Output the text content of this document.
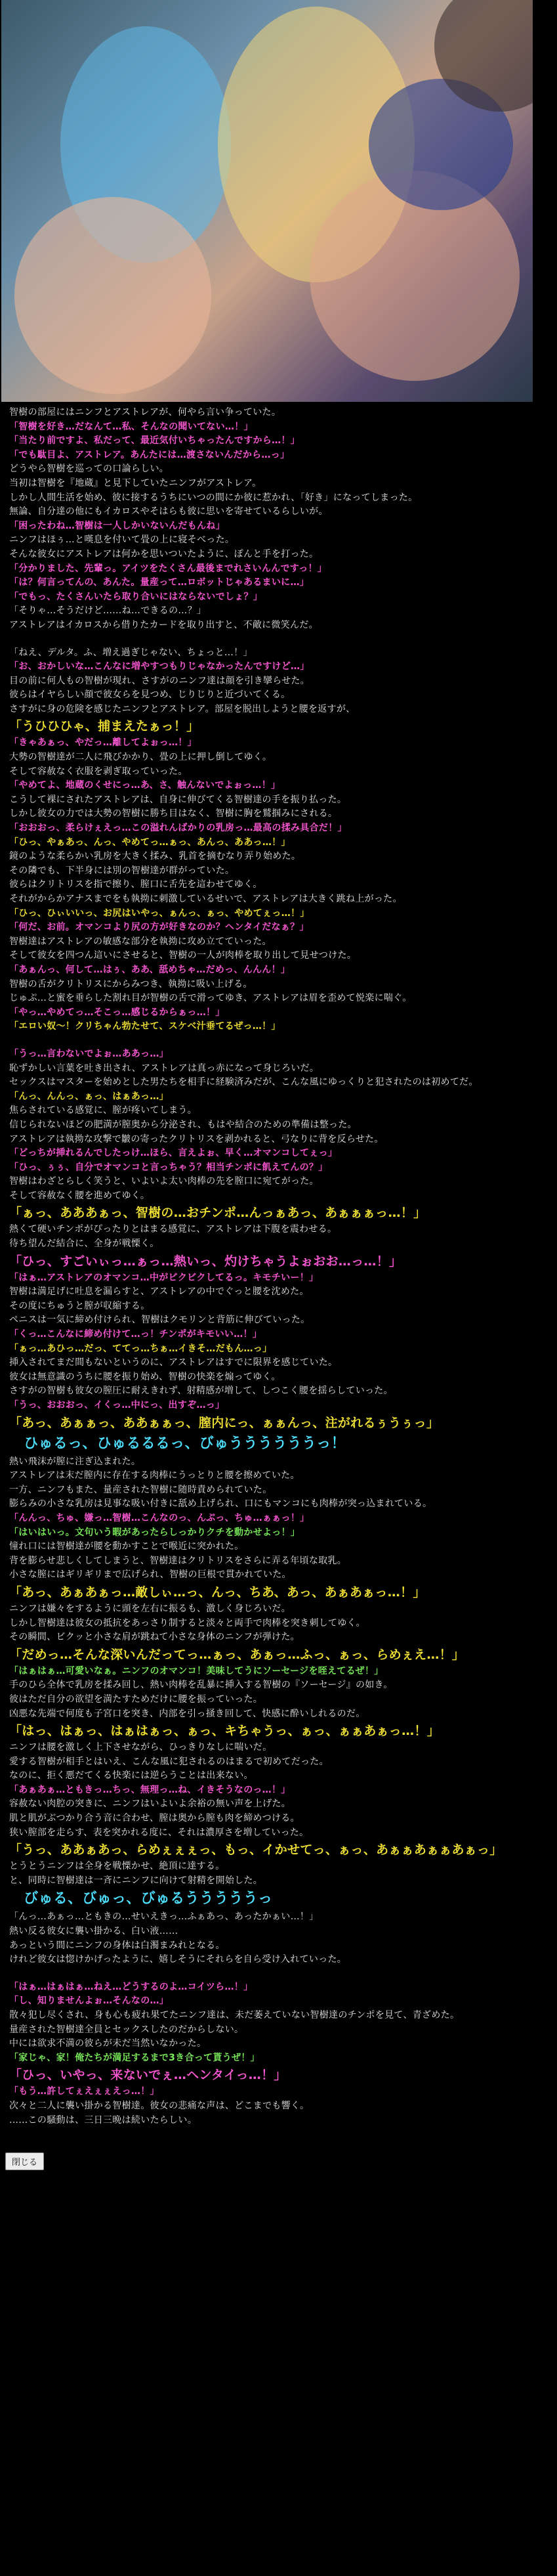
智樹の部屋にはニンフとアストレアが、何やら言い争っていた。
「智樹を好き…だなんて…私、そんなの聞いてない…！」
「当たり前ですよ、私だって、最近気付いちゃったんですから…！」
「でも駄目よ、アストレア。あんたには…渡さないんだから…っ」
どうやら智樹を巡っての口論らしい。
当初は智樹を『地蔵』と見下していたニンフがアストレア。
しかし人間生活を始め、彼に接するうちにいつの間にか彼に惹かれ、「好き」になってしまった。
無論、自分達の他にもイカロスやそはらも彼に思いを寄せているらしいが。
「困ったわね…智樹は一人しかいないんだもんね」
ニンフはほぅ…と嘆息を付いて畳の上に寝そべった。
そんな彼女にアストレアは何かを思いついたように、ぽんと手を打った。
「分かりました、先輩っ。アイツをたくさん最後までれさいんんですっ！」
「は？何言ってんの、あんた。量産って…ロボットじゃあるまいに…」
「でもっ、たくさんいたら取り合いにはならないでしょ？」
「そりゃ…そうだけど……ね…できるの…？」
アストレアはイカロスから借りたカードを取り出すと、不敵に微笑んだ。
「ねえ、デルタ。ふ、増え過ぎじゃない、ちょっと…！」
「お、おかしいな…こんなに増やすつもりじゃなかったんですけど…」
目の前に何人もの智樹が現れ、さすがのニンフ達は顔を引き攣らせた。
彼らはイヤらしい顔で彼女らを見つめ、じりじりと近づいてくる。
さすがに身の危険を感じたニンフとアストレア。部屋を脱出しようと腰を返すが、
「うひひひゃ、捕まえたぁっ！」
「きゃあぁっ、やだっ…離してよぉっ…！」
大勢の智樹達が二人に飛びかかり、畳の上に押し倒してゆく。
そして容赦なく衣服を剥ぎ取っていった。
「やめてよ、地蔵のくせにっ…あ、さ、触んないでよぉっ…！」
こうして裸にされたアストレアは、自身に伸びてくる智樹達の手を振り払った。
しかし彼女の力では大勢の智樹に勝ち目はなく、智樹に胸を鷲掴みにされる。
「おおおっ、柔らけぇえっ…この溢れんばかりの乳房っ…最高の揉み具合だ！」
「ひっ、やぁあっ、んっ、やめてっ…ぁっ、あんっ、ああっ…！」
鏡のような柔らかい乳房を大きく揉み、乳首を摘むなり弄り始めた。
その隣でも、下半身には別の智樹達が群がっていた。
彼らはクリトリスを指で擦り、膣口に舌先を這わせてゆく。
それがからかアナスまでをも執拗に刺激しているせいで、アストレアは大きく跳ね上がった。
「ひっ、ひぃいいっ、お尻はいやっ、ぁんっ、ぁっ、やめてぇっ…！」
「何だ、お前。オマンコより尻の方が好きなのか？ヘンタイだなぁ？」
智樹達はアストレアの敏感な部分を執拗に攻め立てていった。
そして彼女を四つん這いにさせると、智樹の一人が肉棒を取り出して見せつけた。
「あぁんっ、何して…はぅ、ああ、舐めちゃ…だめっ、んんん！」
智樹の舌がクリトリスにからみつき、執拗に吸い上げる。
じゅぷ…と蜜を垂らした割れ目が智樹の舌で滑ってゆき、アストレアは眉を歪めて悦楽に喘ぐ。
「やっ…やめてっ…そこっ…感じるからぁっ…！」
「エロい奴〜！クリちゃん勃たせて、スケベ汁垂てるぜっ…！」
「うっ…言わないでよぉ…ああっ…」
恥ずかしい言葉を吐き出され、アストレアは真っ赤になって身じろいだ。
セックスはマスターを始めとした男たちを相手に経験済みだが、こんな風にゆっくりと犯されたのは初めてだ。
「んっ、んんっ、ぁっ、はぁあっ…」
焦らされている感覚に、膣が疼いてしまう。
信じられないほどの肥満が膣奥から分泌され、もはや結合のための準備は整った。
アストレアは執拗な攻撃で皺の寄ったクリトリスを剥かれると、弓なりに背を反らせた。
「どっちが挿れるんでしたっけ…ほら、言えよぉ、早く…オマンコしてぇっ」
「ひっ、ぅぅ、自分でオマンコと言っちゃう？相当チンポに飢えてんの？」
智樹はわざとらしく笑うと、いよいよ太い肉棒の先を膣口に宛てがった。
そして容赦なく腰を進めてゆく。
「ぁっ、あああぁっ、智樹の…おチンポ…んっぁあっ、あぁぁぁっ…！」
熱くて硬いチンポがぴったりとはまる感覚に、アストレアは下腹を震わせる。
待ち望んだ結合に、全身が戦慄く。
「ひっ、すごいぃっ…ぁっ…熱いっ、灼けちゃうよぉおお…っ…！」
「はぁ…アストレアのオマンコ…中がビクビクしてるっ。キモチいー！」
智樹は満足げに吐息を漏らすと、アストレアの中でぐっと腰を沈めた。
その度にちゅうと膣が収縮する。
ペニスは一気に締め付けられ、智樹はクモリンと背筋に伸びていった。
「くっ…こんなに締め付けて…っ！チンポがキモいい…！」
「ぁっ…あひっ…だっ、ててっ…ちぁ…イきそ…だもん…っ」
挿入されてまだ間もないというのに、アストレアはすでに限界を感じていた。
彼女は無意識のうちに腰を振り始め、智樹の快楽を煽ってゆく。
さすがの智樹も彼女の膣圧に耐えきれず、射精感が増して、しつこく腰を揺らしていった。
「うっ、おおおっ、イくっ…中にっ、出すぞ…っ」
「あっ、あぁぁっ、ああぁぁっ、膣内にっ、ぁぁんっ、注がれるぅうぅっ」
　ひゅるっ、ひゅるるるっ、びゅううううううっ！
熱い飛沫が膣に注ぎ込まれた。
アストレアは末だ膣内に存在する肉棒にうっとりと腰を擦めていた。
一方、ニンフもまた、量産された智樹に随時責められていた。
膨らみの小さな乳房は見事な吸い付きに舐め上げられ、口にもマンコにも肉棒が突っ込まれている。
「んんっ、ちゅ、嫌っ…智樹…こんなのっ、んぷっ、ちゅ…ぁぁっ！」
「はいはいっ。文句いう暇があったらしっかりクチを動かせよっ！」
憧れ口には智樹達が腰を動かすことで喉近に突かれた。
背を膨らせ悲しくしてしまうと、智樹達はクリトリスをさらに弄る年頃な取乳。
小さな膣にはギリギリまで広げられ、智樹の巨根で貫かれていた。
「あっ、あぁあぁっ…敵しぃ…っ、んっ、ちあ、あっ、あぁあぁっ…！」
ニンフは嫌々をするように頭を左右に振るも、激しく身じろいだ。
しかし智樹達は彼女の抵抗をあっさり制すると淡々と両手で肉棒を突き刺してゆく。
その瞬間、ビクッと小さな肩が跳ねて小さな身体のニンフが弾けた。
「だめっ…そんな深いんだってっ…ぁっ、あぁっ…ふっ、ぁっ、らめぇえ…！」
「はぁはぁ…可愛いなぁ。ニンフのオマンコ！美味してうにソーセージを咥えてるぜ！」
手のひら全体で乳房を揉み回し、熱い肉棒を乱暴に挿入する智樹の『ソーセージ』の如き。
彼はただ自分の欲望を満たすためだけに腰を振っていった。
凶悪な先端で何度も子宮口を突き、内部を引っ掻き回して、快感に酔いしれるのだ。
「はっ、はぁっ、はぁはぁっ、ぁっ、キちゃうっ、ぁっ、ぁぁあぁっ…！」
ニンフは腰を激しく上下させながら、ひっきりなしに喘いだ。
愛する智樹が相手とはいえ、こんな風に犯されるのはまるで初めてだった。
なのに、拒く悪だてくる快楽には逆らうことは出来ない。
「あぁあぁ…ともきっ…ちっ、無理っ…ね、イきそうなのっ…！」
容赦ない肉腔の突きに、ニンフはいよいよ余裕の無い声を上げた。
肌と肌がぶつかり合う音に合わせ、膣は奥から膣も肉を締めつける。
狭い膣部を走らす、表を突かれる度に、それは濃厚さを増していった。
「うっ、ああぁあっ、らめぇぇぇっ、もっ、イかせてっ、ぁっ、あぁぁあぁぁあぁっ」
とうとうニンフは全身を戦慄かせ、絶頂に達する。
と、同時に智樹達は一斉にニンフに向けて射精を開始した。
　びゅる、びゅっ、びゅるうううううっ
「んっ…あぁっ…ともきの…せいえきっ…ふぁあっ、あったかぁい…！」
熱い反る彼女に襲い掛かる、白い液……
あっという間にニンフの身体は白濁まみれとなる。
けれど彼女は惚けかげったように、嬉しそうにそれらを自ら受け入れていった。
「はぁ…はぁはぁ…ねえ…どうするのよ…コイツら…！」
「し、知りませんよぉ…そんなの…」
散々犯し尽くされ、身も心も疲れ果てたニンフ達は、未だ萎えていない智樹達のチンポを見て、青ざめた。
量産された智樹達全員とセックスしたのだからしない。
中には欲求不満の彼らが未だ当然いなかった。
「家じゃ、家！俺たちが満足するまで3き合って貰うぜ！」
「ひっ、いやっ、来ないでぇ…ヘンタイっ…！」
「もう…許してぇえぇぇえっ…！」
次々と二人に襲い掛かる智樹達。彼女の悲痛な声は、どこまでも響く。
……この騒動は、三日三晩は続いたらしい。
閉じる
